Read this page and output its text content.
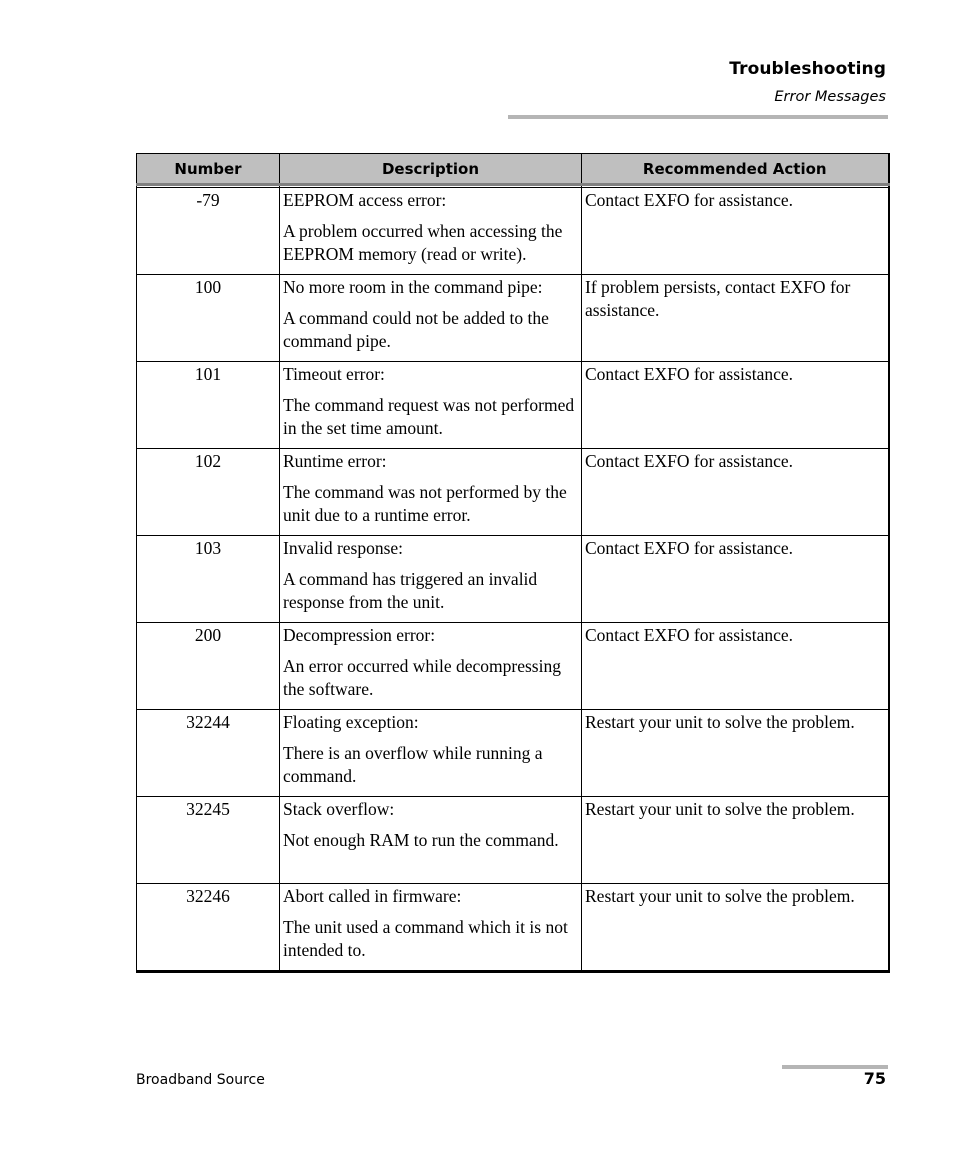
Troubleshooting
Error Messages
Number	Description	Recommended Action

-79	EEPROM access error:
A problem occurred when accessing the EEPROM memory (read or write).	Contact EXFO for assistance.
100	No more room in the command pipe:
A command could not be added to the command pipe.	If problem persists, contact EXFO for assistance.
101	Timeout error:
The command request was not performed in the set time amount.	Contact EXFO for assistance.
102	Runtime error:
The command was not performed by the unit due to a runtime error.	Contact EXFO for assistance.
103	Invalid response:
A command has triggered an invalid response from the unit.	Contact EXFO for assistance.
200	Decompression error:
An error occurred while decompressing the software.	Contact EXFO for assistance.
32244	Floating exception:
There is an overflow while running a command.	Restart your unit to solve the problem.
32245	Stack overflow:
Not enough RAM to run the command.	Restart your unit to solve the problem.
32246	Abort called in firmware:
The unit used a command which it is not intended to.	Restart your unit to solve the problem.
Broadband Source	75
